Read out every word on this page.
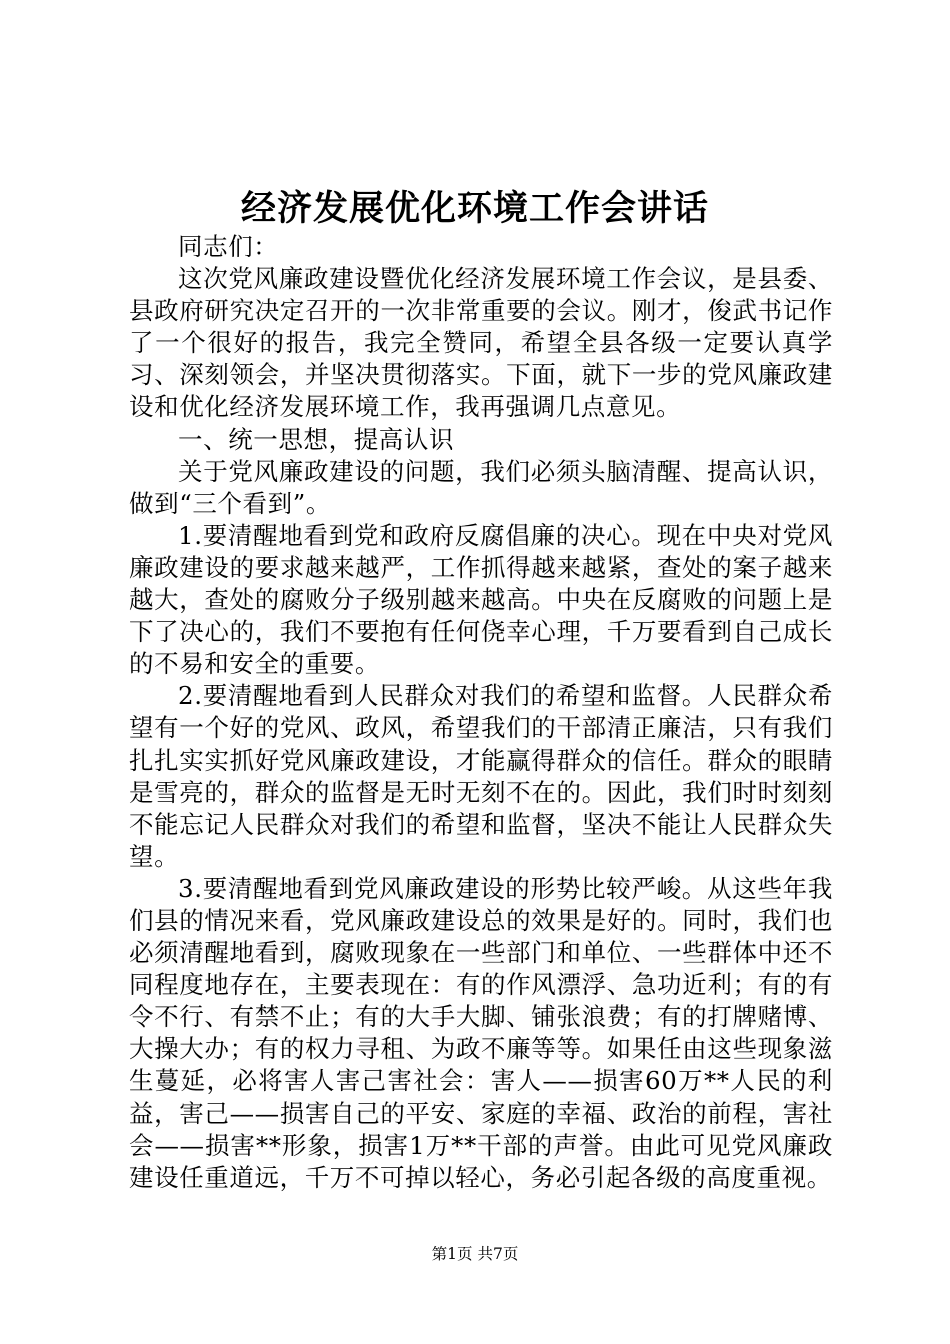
经济发展优化环境工作会讲话

同志们：

这次党风廉政建设暨优化经济发展环境工作会议，是县委、县政府研究决定召开的一次非常重要的会议。刚才，俊武书记作了一个很好的报告，我完全赞同，希望全县各级一定要认真学习、深刻领会，并坚决贯彻落实。下面，就下一步的党风廉政建设和优化经济发展环境工作，我再强调几点意见。

一、统一思想，提高认识

关于党风廉政建设的问题，我们必须头脑清醒、提高认识，做到“三个看到”。

1.要清醒地看到党和政府反腐倡廉的决心。现在中央对党风廉政建设的要求越来越严，工作抓得越来越紧，查处的案子越来越大，查处的腐败分子级别越来越高。中央在反腐败的问题上是下了决心的，我们不要抱有任何侥幸心理，千万要看到自己成长的不易和安全的重要。

2.要清醒地看到人民群众对我们的希望和监督。人民群众希望有一个好的党风、政风，希望我们的干部清正廉洁，只有我们扎扎实实抓好党风廉政建设，才能赢得群众的信任。群众的眼睛是雪亮的，群众的监督是无时无刻不在的。因此，我们时时刻刻不能忘记人民群众对我们的希望和监督，坚决不能让人民群众失望。

3.要清醒地看到党风廉政建设的形势比较严峻。从这些年我们县的情况来看，党风廉政建设总的效果是好的。同时，我们也必须清醒地看到，腐败现象在一些部门和单位、一些群体中还不同程度地存在，主要表现在：有的作风漂浮、急功近利；有的有令不行、有禁不止；有的大手大脚、铺张浪费；有的打牌赌博、大操大办；有的权力寻租、为政不廉等等。如果任由这些现象滋生蔓延，必将害人害己害社会：害人——损害60万**人民的利益，害己——损害自己的平安、家庭的幸福、政治的前程，害社会——损害**形象，损害1万**干部的声誉。由此可见党风廉政建设任重道远，千万不可掉以轻心，务必引起各级的高度重视。

第1页 共7页
